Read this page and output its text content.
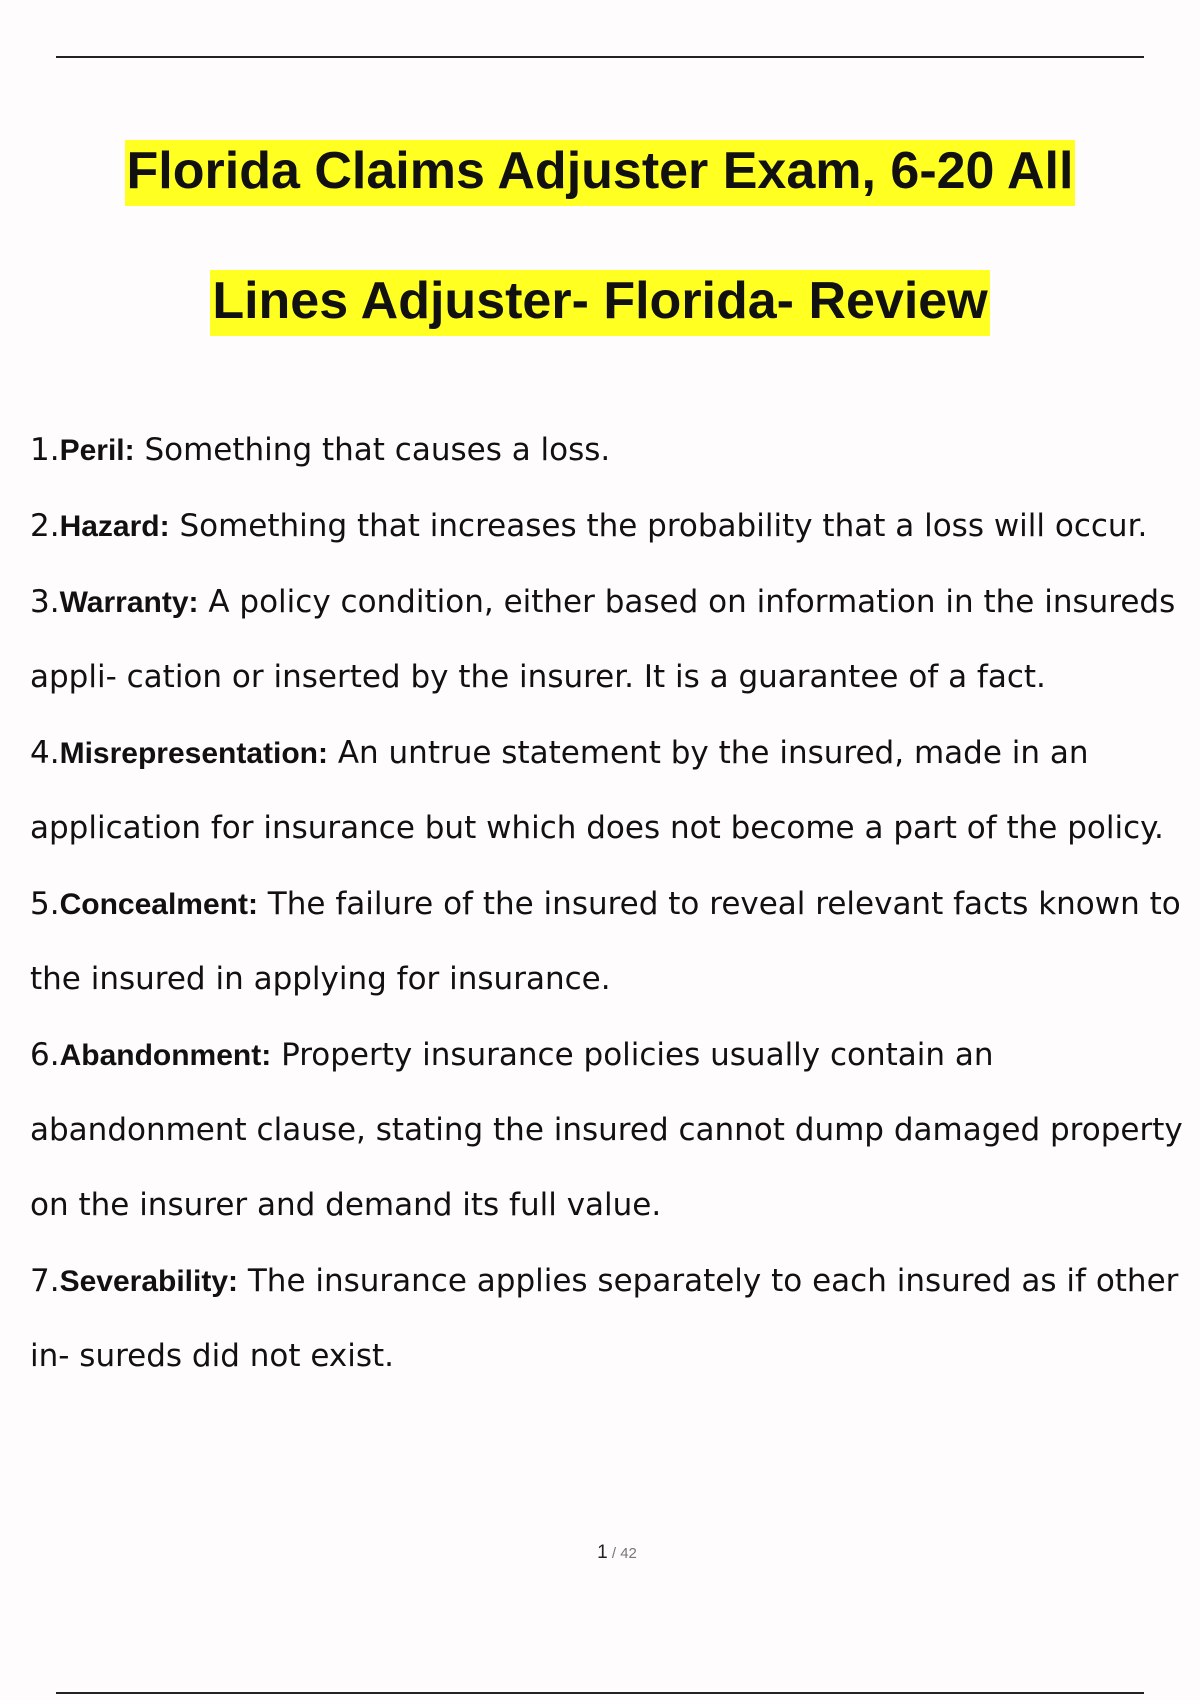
Florida Claims Adjuster Exam, 6-20 All
Lines Adjuster- Florida- Review
1.Peril: Something that causes a loss.
2.Hazard: Something that increases the probability that a loss will occur.
3.Warranty: A policy condition, either based on information in the insureds appli- cation or inserted by the insurer. It is a guarantee of a fact.
4.Misrepresentation: An untrue statement by the insured, made in an application for insurance but which does not become a part of the policy.
5.Concealment: The failure of the insured to reveal relevant facts known to the insured in applying for insurance.
6.Abandonment: Property insurance policies usually contain an abandonment clause, stating the insured cannot dump damaged property on the insurer and demand its full value.
7.Severability: The insurance applies separately to each insured as if other in- sureds did not exist.
1 / 42
